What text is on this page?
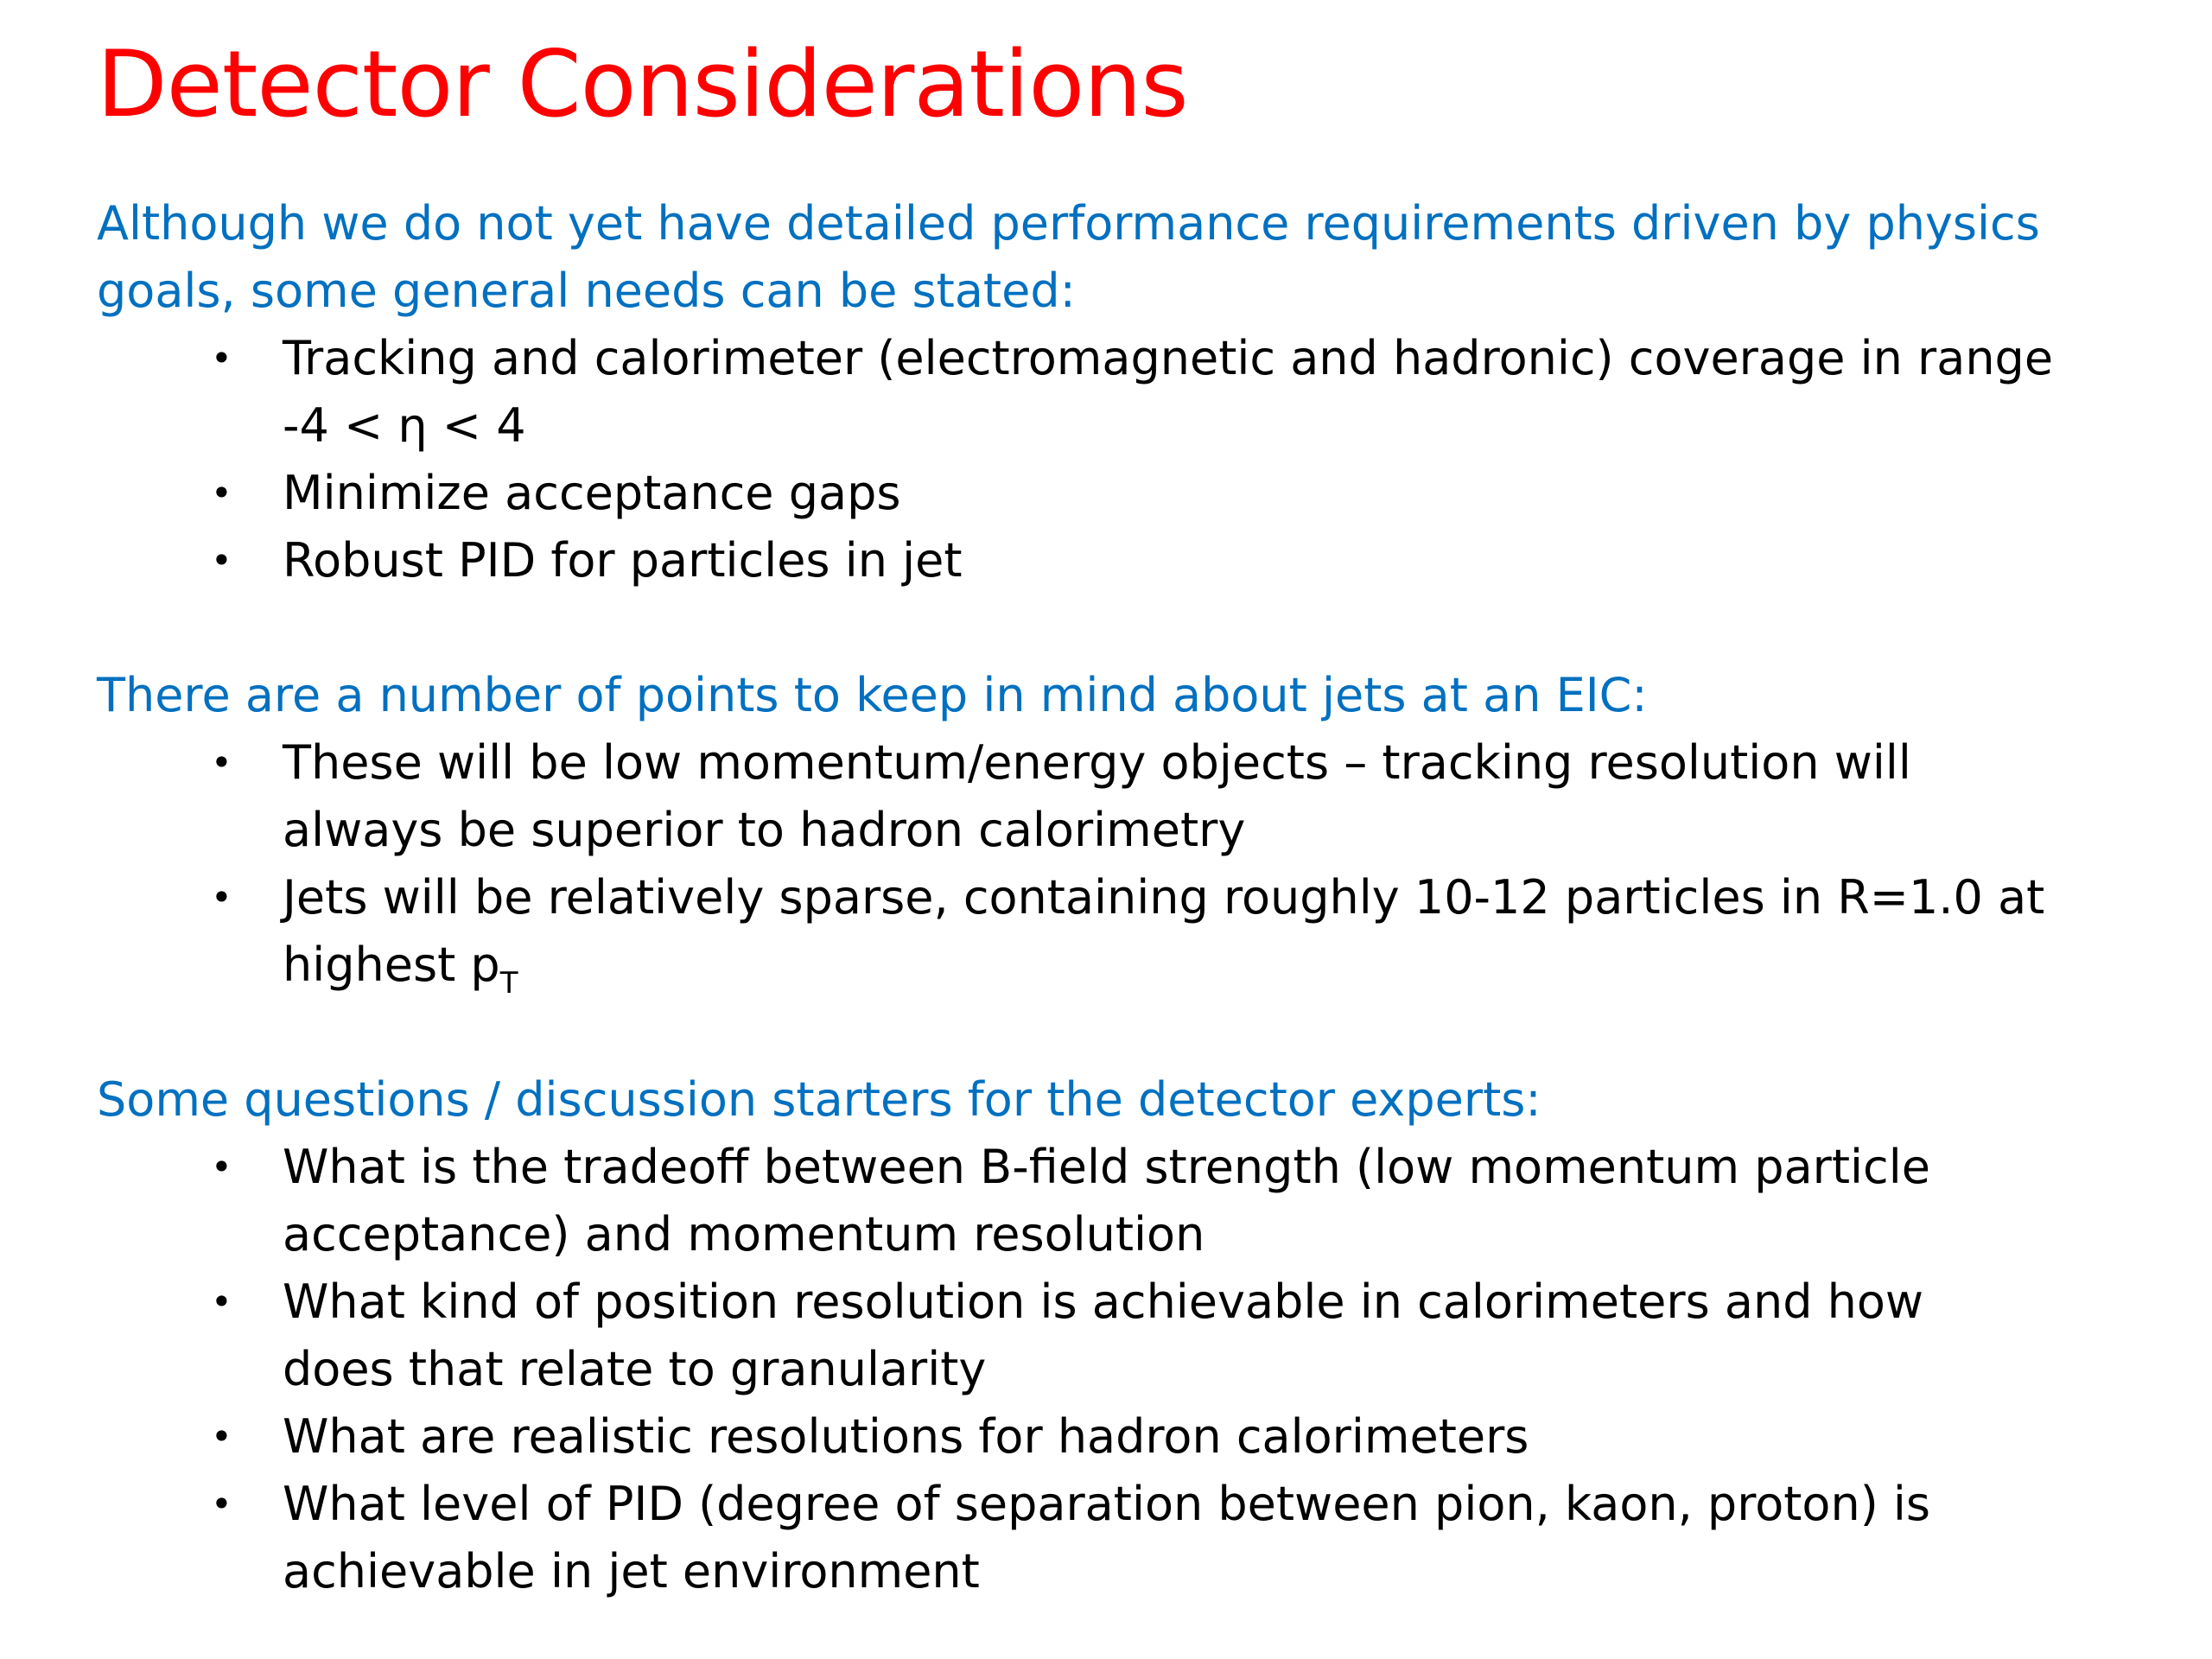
Detector Considerations
Although we do not yet have detailed performance requirements driven by physics
goals, some general needs can be stated:
• Tracking and calorimeter (electromagnetic and hadronic) coverage in range
-4 < η < 4
• Minimize acceptance gaps
• Robust PID for particles in jet
There are a number of points to keep in mind about jets at an EIC:
• These will be low momentum/energy objects – tracking resolution will
always be superior to hadron calorimetry
• Jets will be relatively sparse, containing roughly 10-12 particles in R=1.0 at
highest $p_T$
Some questions / discussion starters for the detector experts:
• What is the tradeoff between B-field strength (low momentum particle
acceptance) and momentum resolution
• What kind of position resolution is achievable in calorimeters and how
does that relate to granularity
• What are realistic resolutions for hadron calorimeters
• What level of PID (degree of separation between pion, kaon, proton) is
achievable in jet environment
